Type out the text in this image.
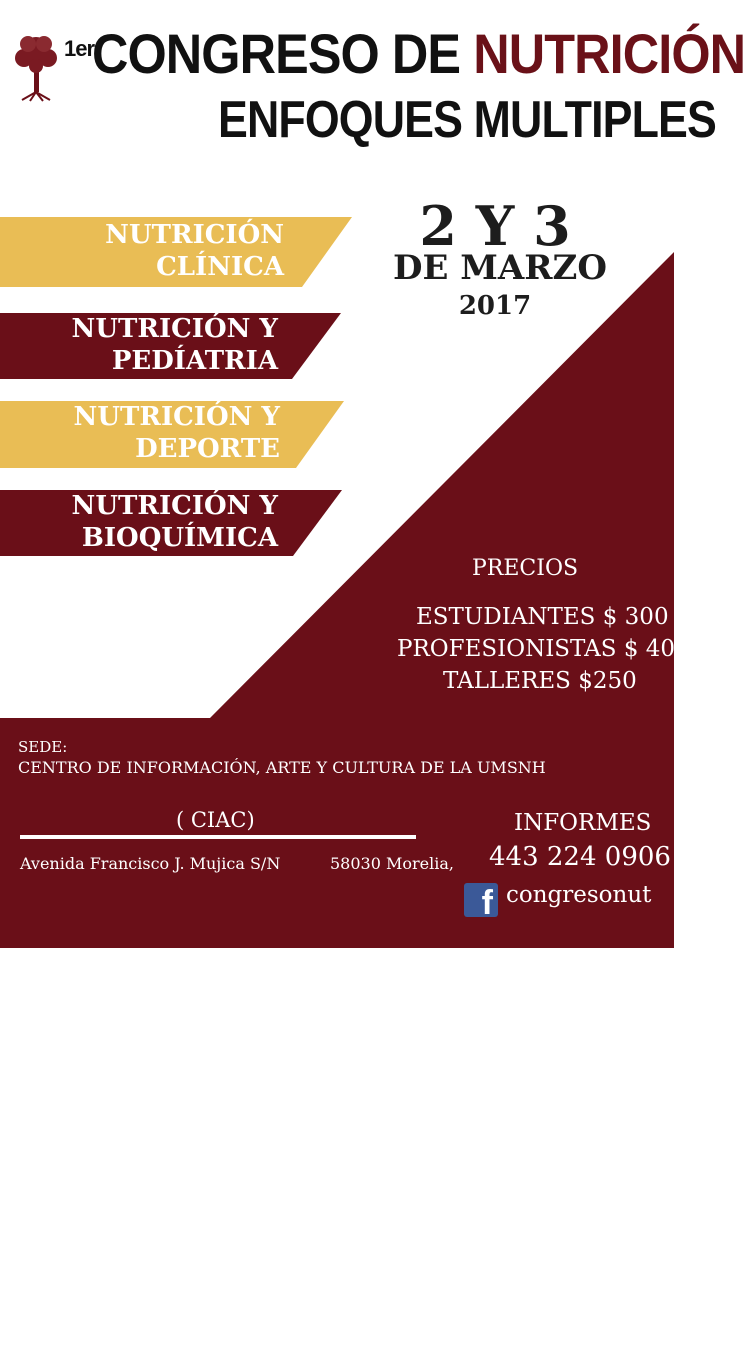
1er
CONGRESO DE NUTRICIÓN
ENFOQUES MULTIPLES
NUTRICIÓN
CLÍNICA
NUTRICIÓN Y
PEDÍATRIA
NUTRICIÓN Y
DEPORTE
NUTRICIÓN Y
BIOQUÍMICA
2 Y 3
DE MARZO
2017
PRECIOS
ESTUDIANTES $ 300
PROFESIONISTAS $ 400
TALLERES $250
SEDE:
CENTRO DE INFORMACIÓN, ARTE Y CULTURA DE LA UMSNH
( CIAC)
Avenida Francisco J. Mujica S/N	58030 Morelia,
INFORMES
443 224 0906
f congresonut
